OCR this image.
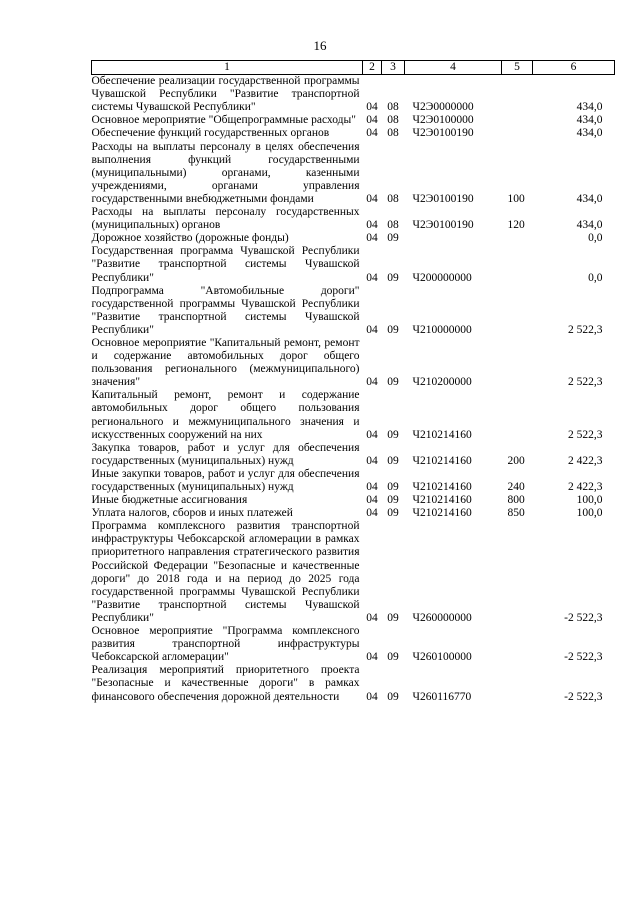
16
1	2	3	4	5	6
Обеспечение реализации государственной программы Чувашской Республики "Развитие транспортной системы Чувашской Республики"	04	08	Ч2Э0000000		434,0
Основное мероприятие "Общепрограммные расходы"	04	08	Ч2Э0100000		434,0
Обеспечение функций государственных органов	04	08	Ч2Э0100190		434,0
Расходы на выплаты персоналу в целях обеспечения выполнения функций государственными (муниципальными) органами, казенными учреждениями, органами управления государственными внебюджетными фондами	04	08	Ч2Э0100190	100	434,0
Расходы на выплаты персоналу государственных (муниципальных) органов	04	08	Ч2Э0100190	120	434,0
Дорожное хозяйство (дорожные фонды)	04	09			0,0
Государственная программа Чувашской Республики "Развитие транспортной системы Чувашской Республики"	04	09	Ч200000000		0,0
Подпрограмма "Автомобильные дороги" государственной программы Чувашской Республики "Развитие транспортной системы Чувашской Республики"	04	09	Ч210000000		2 522,3
Основное мероприятие "Капитальный ремонт, ремонт и содержание автомобильных дорог общего пользования регионального (межмуниципального) значения"	04	09	Ч210200000		2 522,3
Капитальный ремонт, ремонт и содержание автомобильных дорог общего пользования регионального и межмуниципального значения и искусственных сооружений на них	04	09	Ч210214160		2 522,3
Закупка товаров, работ и услуг для обеспечения государственных (муниципальных) нужд	04	09	Ч210214160	200	2 422,3
Иные закупки товаров, работ и услуг для обеспечения государственных (муниципальных) нужд	04	09	Ч210214160	240	2 422,3
Иные бюджетные ассигнования	04	09	Ч210214160	800	100,0
Уплата налогов, сборов и иных платежей	04	09	Ч210214160	850	100,0
Программа комплексного развития транспортной инфраструктуры Чебоксарской агломерации в рамках приоритетного направления стратегического развития Российской Федерации "Безопасные и качественные дороги" до 2018 года и на период до 2025 года государственной программы Чувашской Республики "Развитие транспортной системы Чувашской Республики"	04	09	Ч260000000		-2 522,3
Основное мероприятие "Программа комплексного развития транспортной инфраструктуры Чебоксарской агломерации"	04	09	Ч260100000		-2 522,3
Реализация мероприятий приоритетного проекта "Безопасные и качественные дороги" в рамках финансового обеспечения дорожной деятельности	04	09	Ч260116770		-2 522,3
